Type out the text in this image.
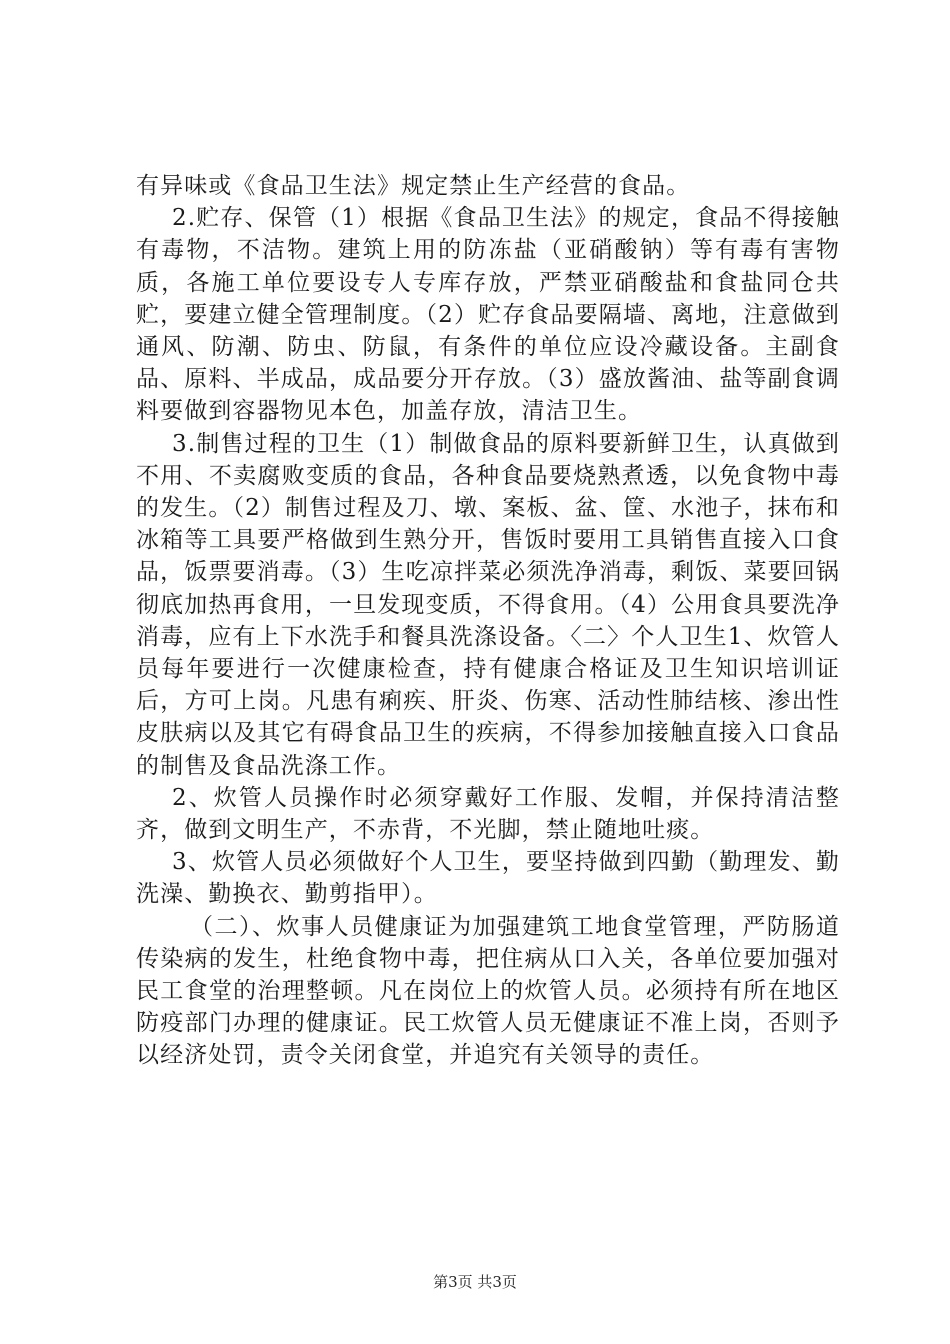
有异味或《食品卫生法》规定禁止生产经营的食品。

2.贮存、保管（1）根据《食品卫生法》的规定，食品不得接触有毒物，不洁物。建筑上用的防冻盐（亚硝酸钠）等有毒有害物质，各施工单位要设专人专库存放，严禁亚硝酸盐和食盐同仓共贮，要建立健全管理制度。（2）贮存食品要隔墙、离地，注意做到通风、防潮、防虫、防鼠，有条件的单位应设冷藏设备。主副食品、原料、半成品，成品要分开存放。（3）盛放酱油、盐等副食调料要做到容器物见本色，加盖存放，清洁卫生。

3.制售过程的卫生（1）制做食品的原料要新鲜卫生，认真做到不用、不卖腐败变质的食品，各种食品要烧熟煮透，以免食物中毒的发生。（2）制售过程及刀、墩、案板、盆、筐、水池子，抹布和冰箱等工具要严格做到生熟分开，售饭时要用工具销售直接入口食品，饭票要消毒。（3）生吃凉拌菜必须洗净消毒，剩饭、菜要回锅彻底加热再食用，一旦发现变质，不得食用。（4）公用食具要洗净消毒，应有上下水洗手和餐具洗涤设备。〈二〉个人卫生1、炊管人员每年要进行一次健康检查，持有健康合格证及卫生知识培训证后，方可上岗。凡患有痢疾、肝炎、伤寒、活动性肺结核、渗出性皮肤病以及其它有碍食品卫生的疾病，不得参加接触直接入口食品的制售及食品洗涤工作。

2、炊管人员操作时必须穿戴好工作服、发帽，并保持清洁整齐，做到文明生产，不赤背，不光脚，禁止随地吐痰。

3、炊管人员必须做好个人卫生，要坚持做到四勤（勤理发、勤洗澡、勤换衣、勤剪指甲）。

（二）、炊事人员健康证为加强建筑工地食堂管理，严防肠道传染病的发生，杜绝食物中毒，把住病从口入关，各单位要加强对民工食堂的治理整顿。凡在岗位上的炊管人员。必须持有所在地区防疫部门办理的健康证。民工炊管人员无健康证不准上岗，否则予以经济处罚，责令关闭食堂，并追究有关领导的责任。

第3页 共3页
